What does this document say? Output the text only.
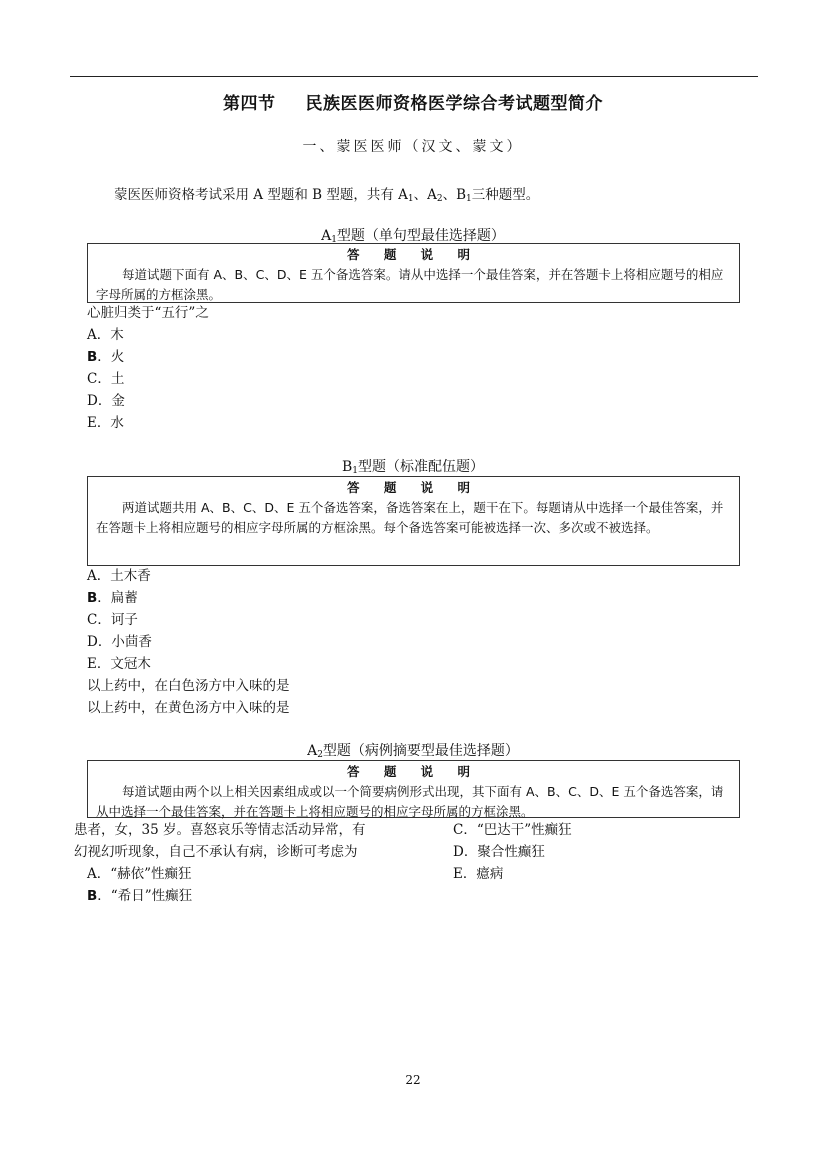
第四节 民族医医师资格医学综合考试题型简介
一、蒙医医师（汉文、蒙文）
蒙医医师资格考试采用 A 型题和 B 型题，共有 $A_1$、$A_2$、$B_1$三种题型。
$A_1$型题（单句型最佳选择题）
答 题 说 明
每道试题下面有 A、B、C、D、E 五个备选答案。请从中选择一个最佳答案，并在答题卡上将相应题号的相应字母所属的方框涂黑。
心脏归类于“五行”之
A．木
B．火
C．土
D．金
E．水
$B_1$型题（标准配伍题）
答 题 说 明
两道试题共用 A、B、C、D、E 五个备选答案，备选答案在上，题干在下。每题请从中选择一个最佳答案，并在答题卡上将相应题号的相应字母所属的方框涂黑。每个备选答案可能被选择一次、多次或不被选择。
A．土木香
B．扁蓄
C．诃子
D．小茴香
E．文冠木
以上药中，在白色汤方中入味的是
以上药中，在黄色汤方中入味的是
$A_2$型题（病例摘要型最佳选择题）
答 题 说 明
每道试题由两个以上相关因素组成或以一个简要病例形式出现，其下面有 A、B、C、D、E 五个备选答案，请从中选择一个最佳答案，并在答题卡上将相应题号的相应字母所属的方框涂黑。
患者，女，35 岁。喜怒哀乐等情志活动异常，有
幻视幻听现象，自己不承认有病，诊断可考虑为
A．“赫依”性癫狂
B．“希日”性癫狂
C．“巴达干”性癫狂
D．聚合性癫狂
E．癔病
22
